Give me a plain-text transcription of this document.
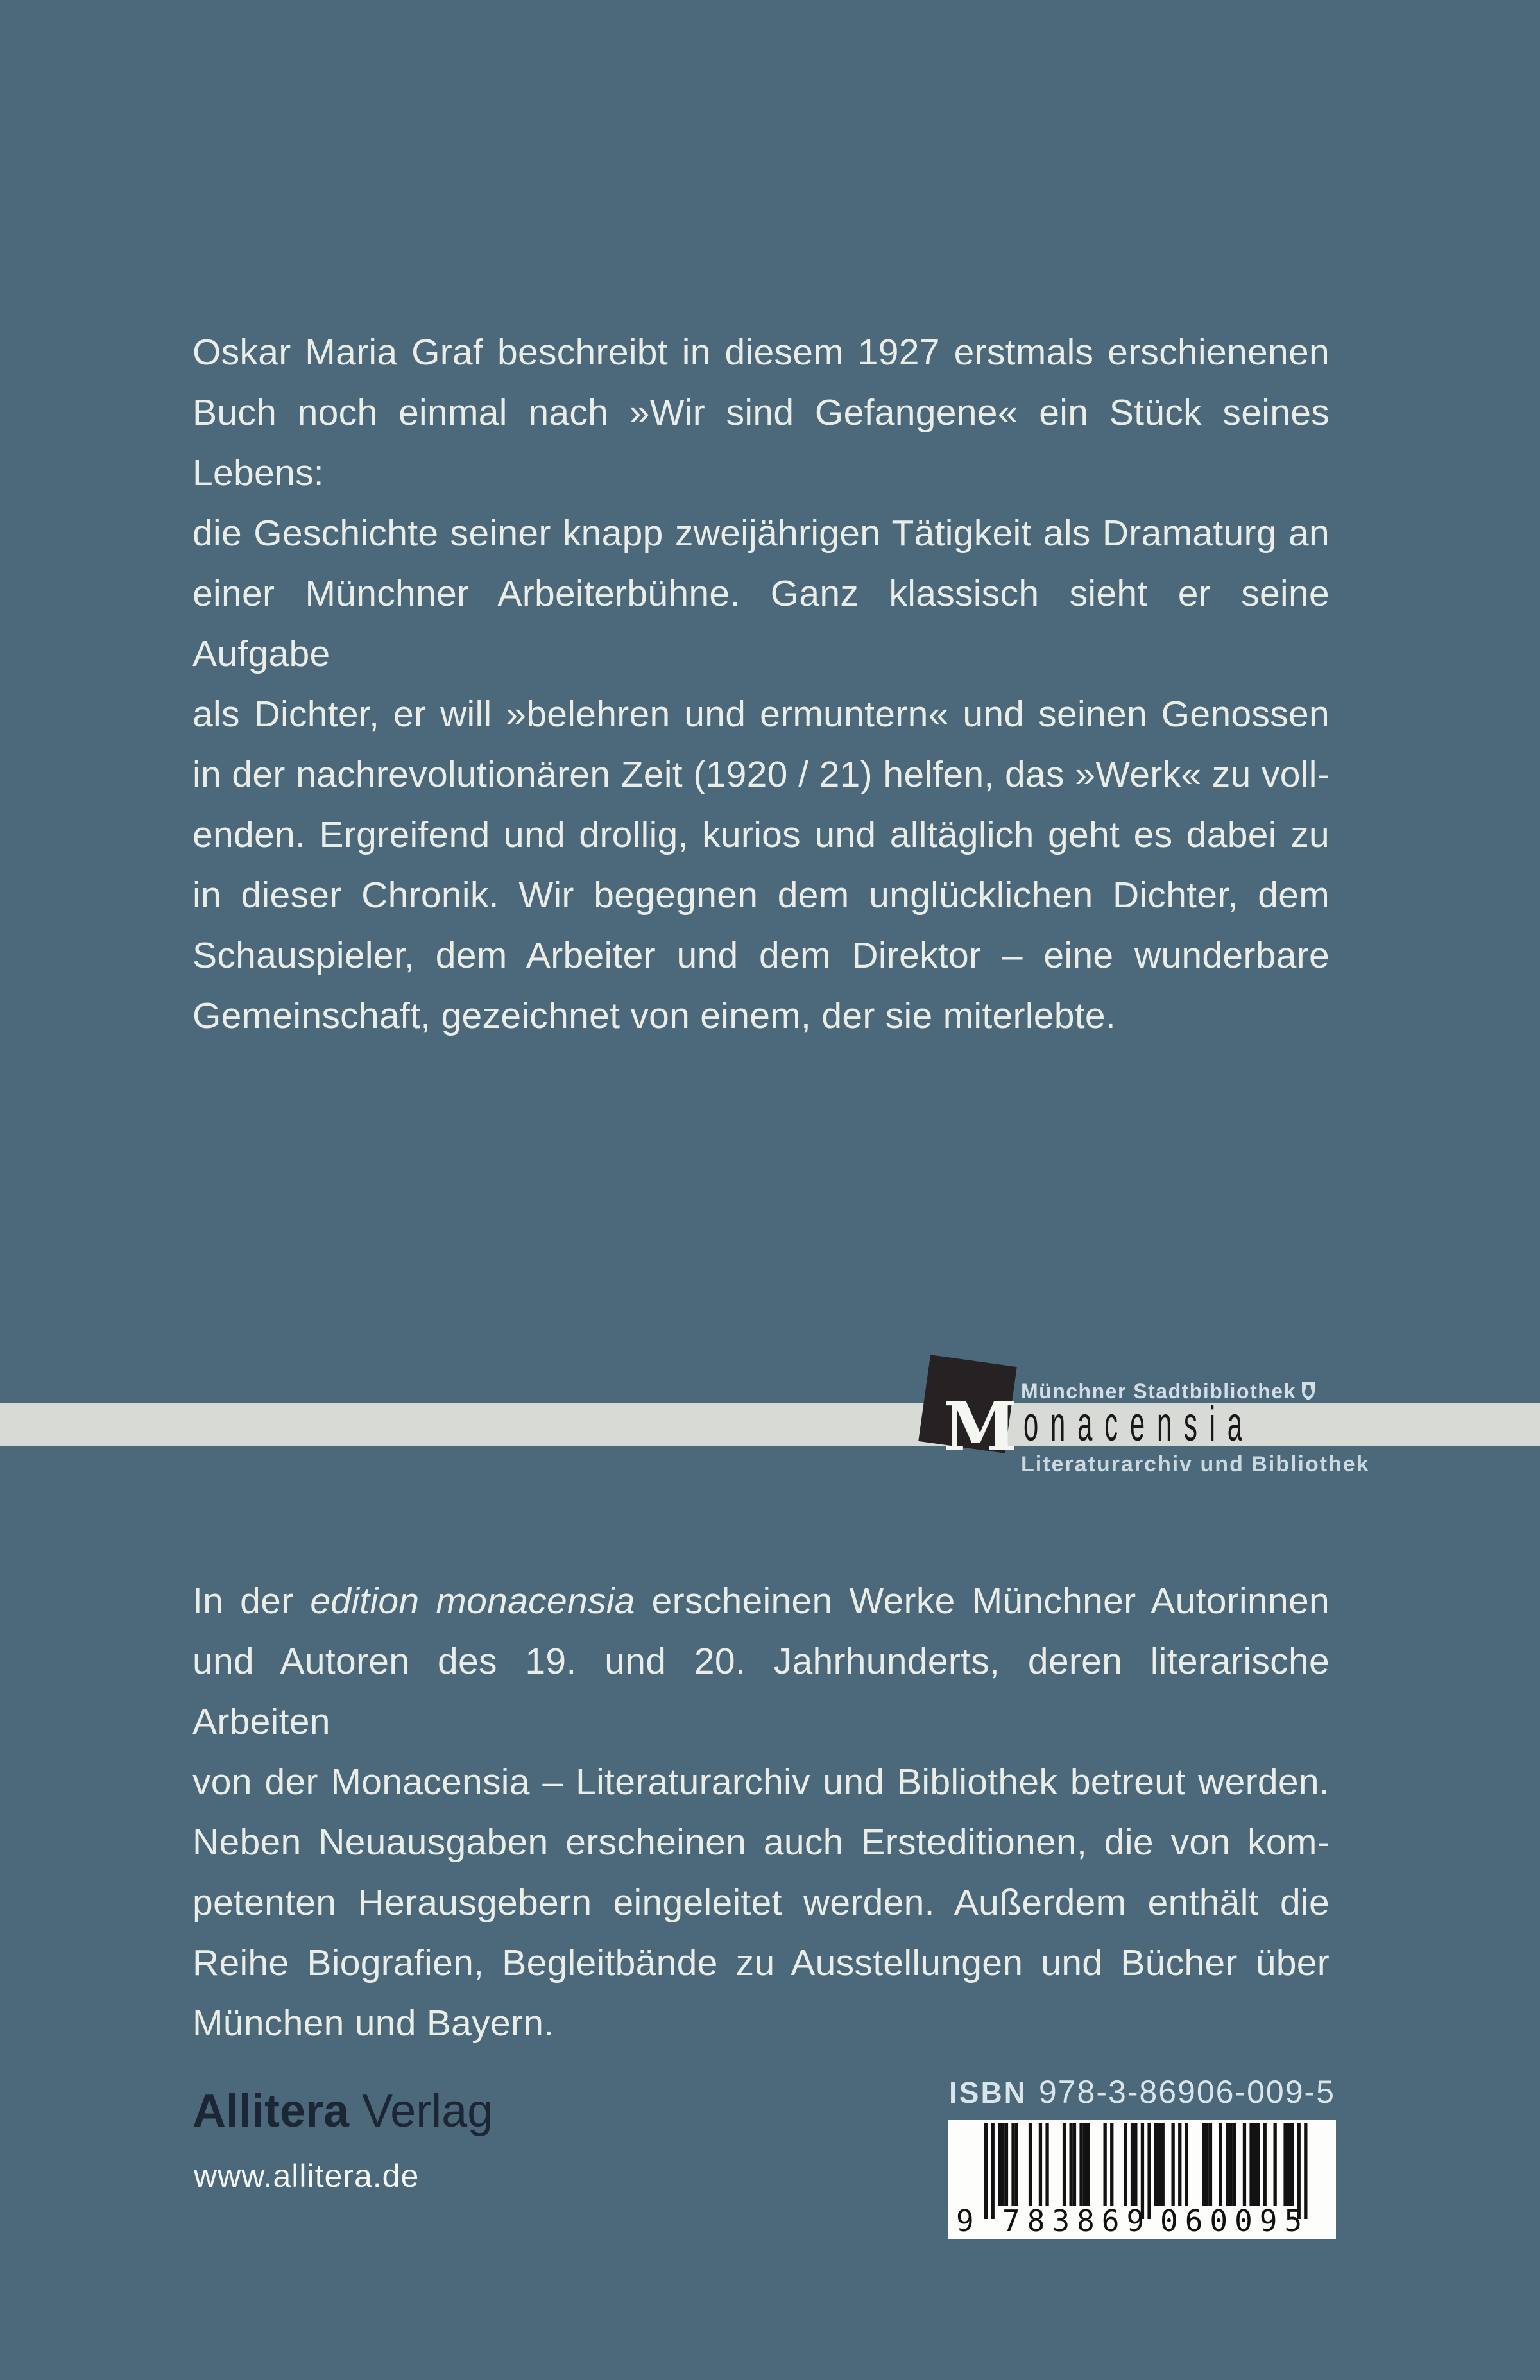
Oskar Maria Graf beschreibt in diesem 1927 erstmals erschienenen
Buch noch einmal nach »Wir sind Gefangene« ein Stück seines Lebens:
die Geschichte seiner knapp zweijährigen Tätigkeit als Dramaturg an
einer Münchner Arbeiterbühne. Ganz klassisch sieht er seine Aufgabe
als Dichter, er will »belehren und ermuntern« und seinen Genossen
in der nachrevolutionären Zeit (1920 / 21) helfen, das »Werk« zu voll-
enden. Ergreifend und drollig, kurios und alltäglich geht es dabei zu
in dieser Chronik. Wir begegnen dem unglücklichen Dichter, dem
Schauspieler, dem Arbeiter und dem Direktor – eine wunderbare
Gemeinschaft, gezeichnet von einem, der sie miterlebte.
Münchner Stadtbibliothek
onacensia
M Literaturarchiv und Bibliothek
In der edition monacensia erscheinen Werke Münchner Autorinnen
und Autoren des 19. und 20. Jahrhunderts, deren literarische Arbeiten
von der Monacensia – Literaturarchiv und Bibliothek betreut werden.
Neben Neuausgaben erscheinen auch Ersteditionen, die von kom-
petenten Herausgebern eingeleitet werden. Außerdem enthält die
Reihe Biografien, Begleitbände zu Ausstellungen und Bücher über
München und Bayern.
Allitera Verlag
www.allitera.de
ISBN 978-3-86906-009-5
9 783869 060095
